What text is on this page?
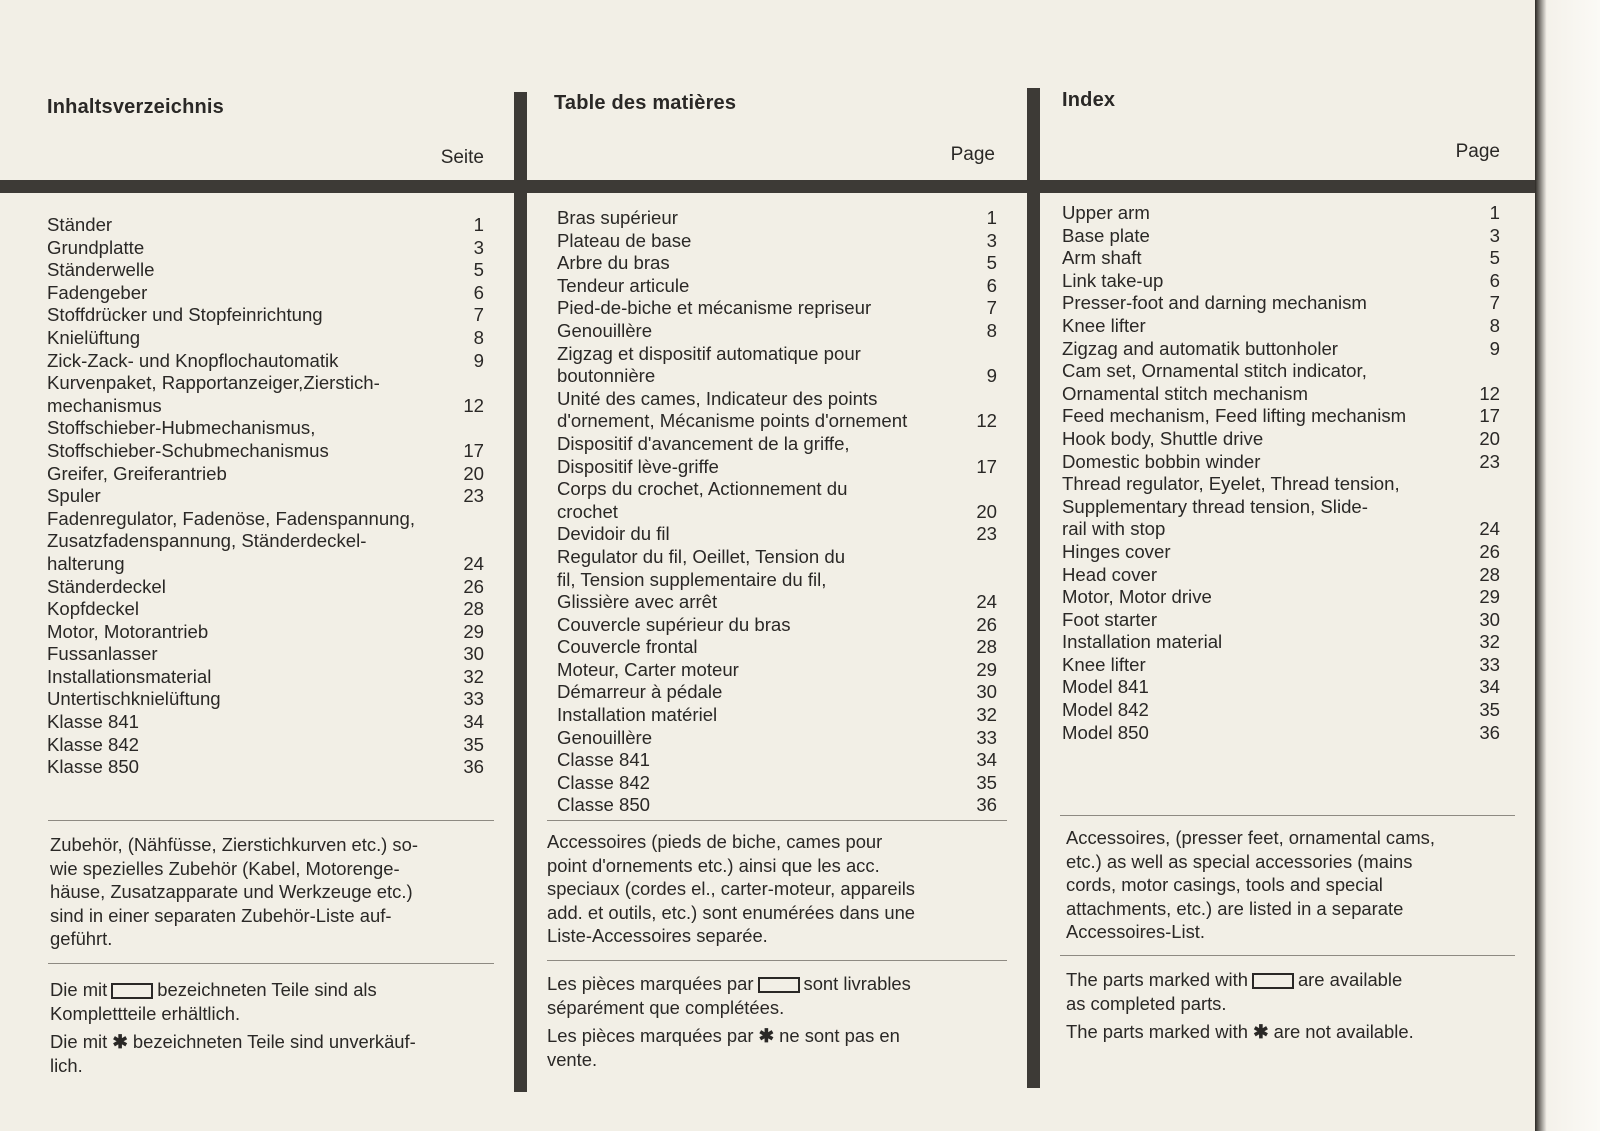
Inhaltsverzeichnis
Seite
Ständer	1
Grundplatte	3
Ständerwelle	5
Fadengeber	6
Stoffdrücker und Stopfeinrichtung	7
Knielüftung	8
Zick-Zack- und Knopflochautomatik	9
Kurvenpaket, Rapportanzeiger,Zierstich-
mechanismus	12
Stoffschieber-Hubmechanismus,
Stoffschieber-Schubmechanismus	17
Greifer, Greiferantrieb	20
Spuler	23
Fadenregulator, Fadenöse, Fadenspannung,
Zusatzfadenspannung, Ständerdeckel-
halterung	24
Ständerdeckel	26
Kopfdeckel	28
Motor, Motorantrieb	29
Fussanlasser	30
Installationsmaterial	32
Untertischknielüftung	33
Klasse 841	34
Klasse 842	35
Klasse 850	36
Zubehör, (Nähfüsse, Zierstichkurven etc.) so-
wie spezielles Zubehör (Kabel, Motorenge-
häuse, Zusatzapparate und Werkzeuge etc.)
sind in einer separaten Zubehör-Liste auf-
geführt.

Die mit	bezeichneten Teile sind als
Komplettteile erhältlich.

Die mit ✱ bezeichneten Teile sind unverkäuf-
lich.

Table des matières
Page
Bras supérieur	1
Plateau de base	3
Arbre du bras	5
Tendeur articule	6
Pied-de-biche et mécanisme repriseur	7
Genouillère	8
Zigzag et dispositif automatique pour
boutonnière	9
Unité des cames, Indicateur des points
d'ornement, Mécanisme points d'ornement	12
Dispositif d'avancement de la griffe,
Dispositif lève-griffe	17
Corps du crochet, Actionnement du
crochet	20
Devidoir du fil	23
Regulator du fil, Oeillet, Tension du
fil, Tension supplementaire du fil,
Glissière avec arrêt	24
Couvercle supérieur du bras	26
Couvercle frontal	28
Moteur, Carter moteur	29
Démarreur à pédale	30
Installation matériel	32
Genouillère	33
Classe 841	34
Classe 842	35
Classe 850	36
Accessoires (pieds de biche, cames pour
point d'ornements etc.) ainsi que les acc.
speciaux (cordes el., carter-moteur, appareils
add. et outils, etc.) sont enumérées dans une
Liste-Accessoires separée.

Les pièces marquées par	sont livrables
séparément que complétées.

Les pièces marquées par ✱ ne sont pas en
vente.

Index
Page
Upper arm	1
Base plate	3
Arm shaft	5
Link take-up	6
Presser-foot and darning mechanism	7
Knee lifter	8
Zigzag and automatik buttonholer	9
Cam set, Ornamental stitch indicator,
Ornamental stitch mechanism	12
Feed mechanism, Feed lifting mechanism	17
Hook body, Shuttle drive	20
Domestic bobbin winder	23
Thread regulator, Eyelet, Thread tension,
Supplementary thread tension, Slide-
rail with stop	24
Hinges cover	26
Head cover	28
Motor, Motor drive	29
Foot starter	30
Installation material	32
Knee lifter	33
Model 841	34
Model 842	35
Model 850	36
Accessoires, (presser feet, ornamental cams,
etc.) as well as special accessories (mains
cords, motor casings, tools and special
attachments, etc.) are listed in a separate
Accessoires-List.

The parts marked with	are available
as completed parts.

The parts marked with ✱ are not available.
